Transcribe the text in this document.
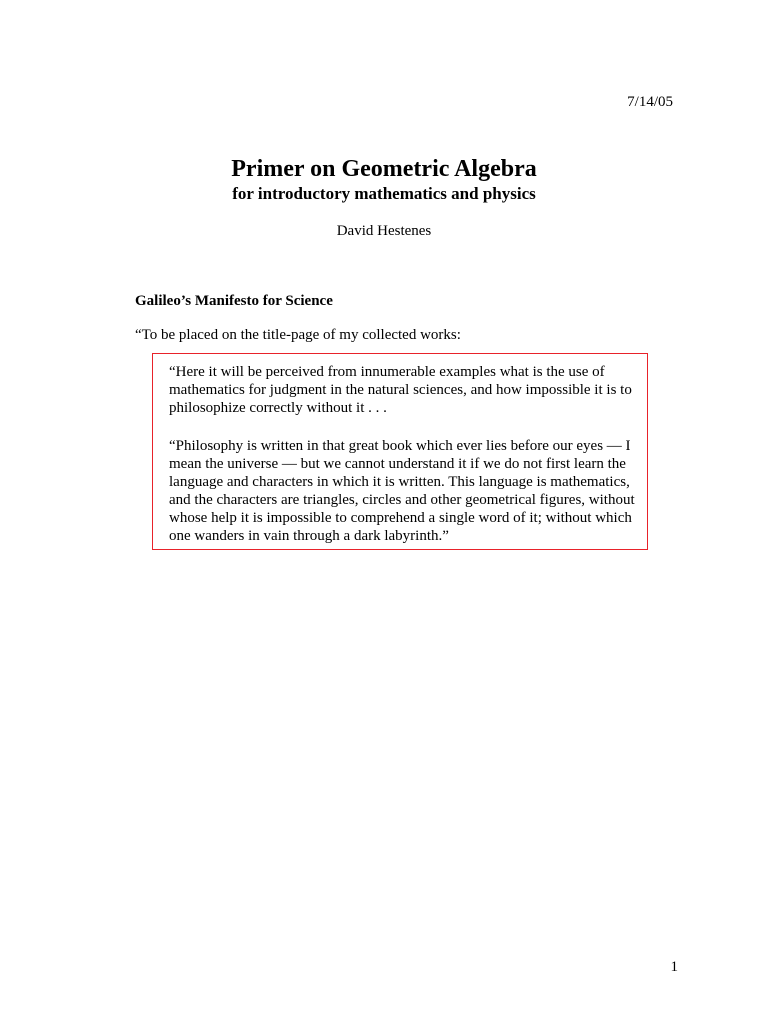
7/14/05
Primer on Geometric Algebra
for introductory mathematics and physics
David Hestenes
Galileo’s Manifesto for Science
“To be placed on the title-page of my collected works:

“Here it will be perceived from innumerable examples what is the use of mathematics for judgment in the natural sciences, and how impossible it is to philosophize correctly without it . . .

“Philosophy is written in that great book which ever lies before our eyes — I mean the universe — but we cannot understand it if we do not first learn the language and characters in which it is written. This language is mathematics, and the characters are triangles, circles and other geometrical figures, without whose help it is impossible to comprehend a single word of it; without which one wanders in vain through a dark labyrinth.”

1
